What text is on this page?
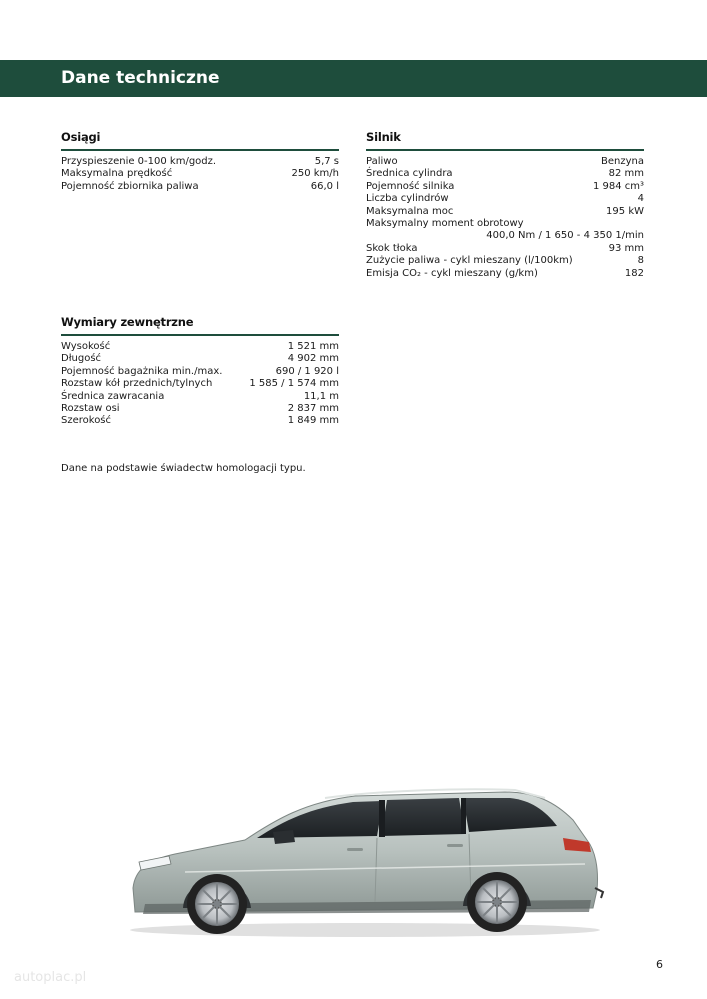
Dane techniczne
Osiągi
Przyspieszenie 0-100 km/godz.	5,7 s
Maksymalna prędkość	250 km/h
Pojemność zbiornika paliwa	66,0 l
Silnik
Paliwo	Benzyna
Średnica cylindra	82 mm
Pojemność silnika	1 984 cm³
Liczba cylindrów	4
Maksymalna moc	195 kW
Maksymalny moment obrotowy
400,0 Nm / 1 650 - 4 350 1/min
Skok tłoka	93 mm
Zużycie paliwa - cykl mieszany (l/100km)	8
Emisja CO₂ - cykl mieszany (g/km)	182
Wymiary zewnętrzne
Wysokość	1 521 mm
Długość	4 902 mm
Pojemność bagażnika min./max.	690 / 1 920 l
Rozstaw kół przednich/tylnych	1 585 / 1 574 mm
Średnica zawracania	11,1 m
Rozstaw osi	2 837 mm
Szerokość	1 849 mm
Dane na podstawie świadectw homologacji typu.
autoplac.pl
6
